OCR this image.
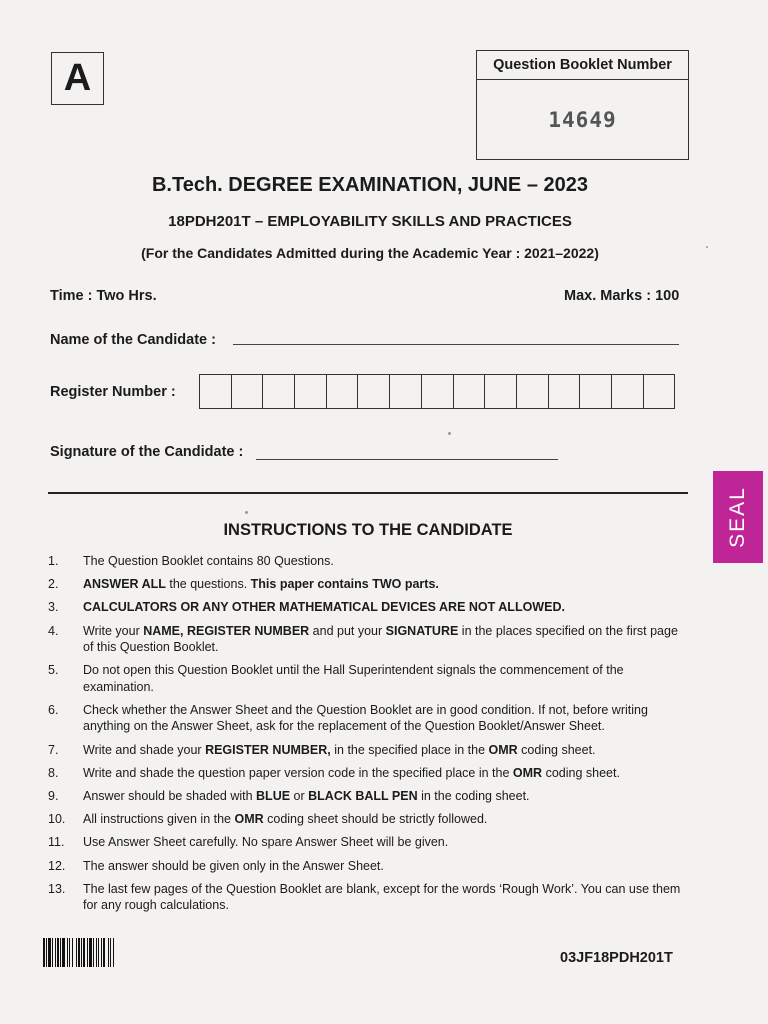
A	Question Booklet Number
14649
B.Tech. DEGREE EXAMINATION, JUNE – 2023
18PDH201T – EMPLOYABILITY SKILLS AND PRACTICES
(For the Candidates Admitted during the Academic Year : 2021–2022)
Time : Two Hrs.	Max. Marks : 100
Name of the Candidate :
Register Number :
Signature of the Candidate :
SEAL
INSTRUCTIONS TO THE CANDIDATE
1.	The Question Booklet contains 80 Questions.
2.	ANSWER ALL the questions. This paper contains TWO parts.
3.	CALCULATORS OR ANY OTHER MATHEMATICAL DEVICES ARE NOT ALLOWED.
4.	Write your NAME, REGISTER NUMBER and put your SIGNATURE in the places specified on the first page of this Question Booklet.
5.	Do not open this Question Booklet until the Hall Superintendent signals the commencement of the examination.
6.	Check whether the Answer Sheet and the Question Booklet are in good condition. If not, before writing anything on the Answer Sheet, ask for the replacement of the Question Booklet/Answer Sheet.
7.	Write and shade your REGISTER NUMBER, in the specified place in the OMR coding sheet.
8.	Write and shade the question paper version code in the specified place in the OMR coding sheet.
9.	Answer should be shaded with BLUE or BLACK BALL PEN in the coding sheet.
10.	All instructions given in the OMR coding sheet should be strictly followed.
11.	Use Answer Sheet carefully. No spare Answer Sheet will be given.
12.	The answer should be given only in the Answer Sheet.
13.	The last few pages of the Question Booklet are blank, except for the words ‘Rough Work’. You can use them for any rough calculations.
03JF18PDH201T
